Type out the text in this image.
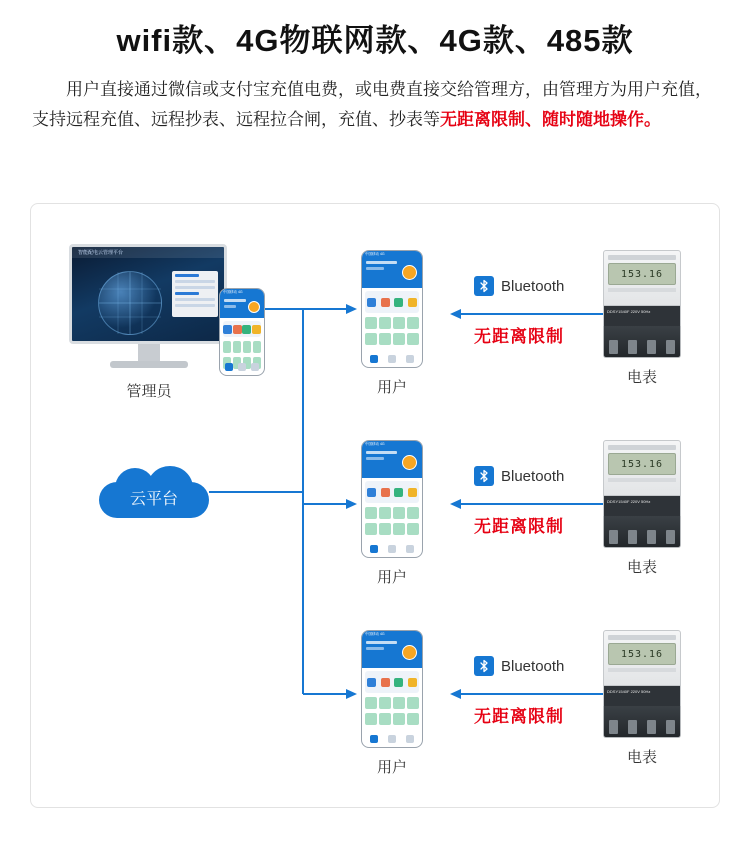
wifi款、4G物联网款、4G款、485款
用户直接通过微信或支付宝充值电费，或电费直接交给管理方，由管理方为用户充值，支持远程充值、远程抄表、远程拉合闸，充值、抄表等无距离限制、随时随地操作。
智能配电云管理平台
中国移动 4G
管理员
云平台
中国移动 4G
用户
Bluetooth
无距离限制
153.16
DDSY1540F 220V 50Hz
电表
中国移动 4G
用户
Bluetooth
无距离限制
153.16
DDSY1540F 220V 50Hz
电表
中国移动 4G
用户
Bluetooth
无距离限制
153.16
DDSY1540F 220V 50Hz
电表
